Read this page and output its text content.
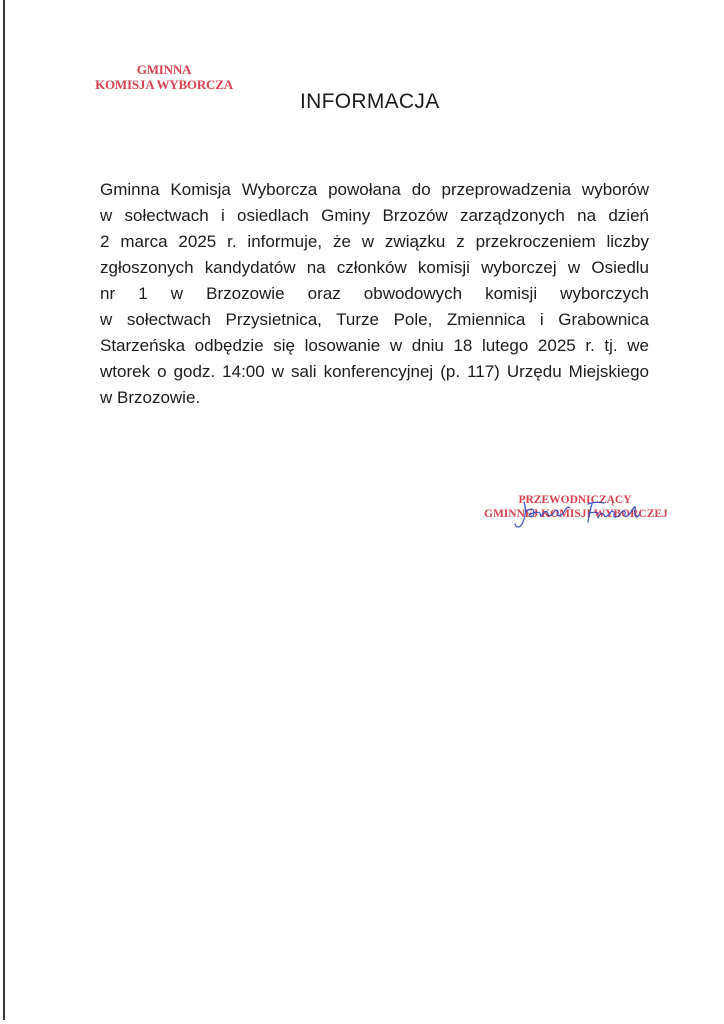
GMINNA
KOMISJA WYBORCZA
INFORMACJA
Gminna Komisja Wyborcza powołana do przeprowadzenia wyborów
w sołectwach i osiedlach Gminy Brzozów zarządzonych na dzień
2 marca 2025 r. informuje, że w związku z przekroczeniem liczby
zgłoszonych kandydatów na członków komisji wyborczej w Osiedlu
nr 1 w Brzozowie oraz obwodowych komisji wyborczych
w sołectwach Przysietnica, Turze Pole, Zmiennica i Grabownica
Starzeńska odbędzie się losowanie w dniu 18 lutego 2025 r. tj. we
wtorek o godz. 14:00 w sali konferencyjnej (p. 117) Urzędu Miejskiego
w Brzozowie.
PRZEWODNICZĄCY
GMINNEJ KOMISJI WYBORCZEJ
